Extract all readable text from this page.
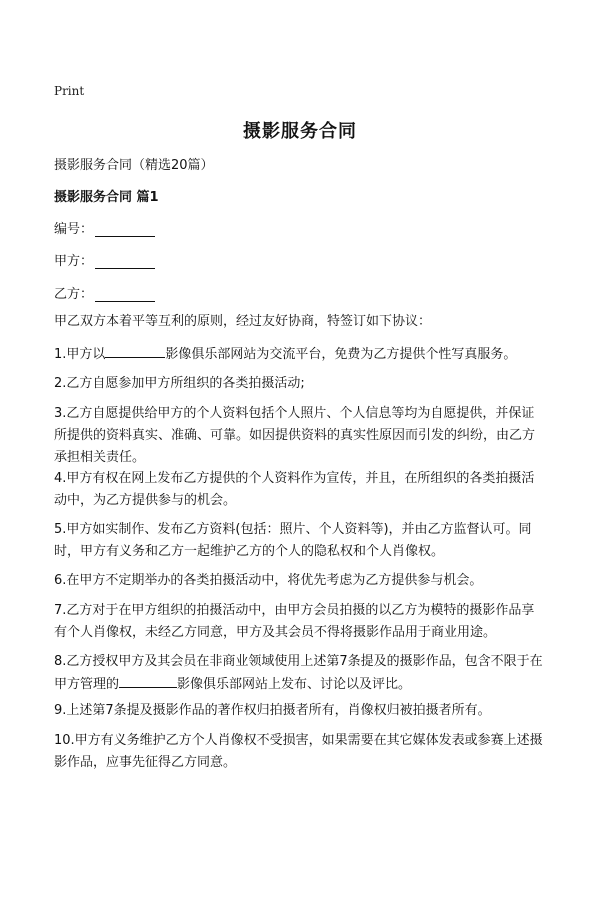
Print
摄影服务合同
摄影服务合同（精选20篇）
摄影服务合同 篇1
编号：
甲方：
乙方：
甲乙双方本着平等互利的原则，经过友好协商，特签订如下协议：
1.甲方以	影像俱乐部网站为交流平台，免费为乙方提供个性写真服务。
2.乙方自愿参加甲方所组织的各类拍摄活动;
3.乙方自愿提供给甲方的个人资料包括个人照片、个人信息等均为自愿提供，并保证所提供的资料真实、准确、可靠。如因提供资料的真实性原因而引发的纠纷，由乙方承担相关责任。
4.甲方有权在网上发布乙方提供的个人资料作为宣传，并且，在所组织的各类拍摄活动中，为乙方提供参与的机会。
5.甲方如实制作、发布乙方资料(包括：照片、个人资料等)，并由乙方监督认可。同时，甲方有义务和乙方一起维护乙方的个人的隐私权和个人肖像权。
6.在甲方不定期举办的各类拍摄活动中，将优先考虑为乙方提供参与机会。
7.乙方对于在甲方组织的拍摄活动中，由甲方会员拍摄的以乙方为模特的摄影作品享有个人肖像权，未经乙方同意，甲方及其会员不得将摄影作品用于商业用途。
8.乙方授权甲方及其会员在非商业领域使用上述第7条提及的摄影作品，包含不限于在甲方管理的	影像俱乐部网站上发布、讨论以及评比。
9.上述第7条提及摄影作品的著作权归拍摄者所有，肖像权归被拍摄者所有。
10.甲方有义务维护乙方个人肖像权不受损害，如果需要在其它媒体发表或参赛上述摄影作品，应事先征得乙方同意。
